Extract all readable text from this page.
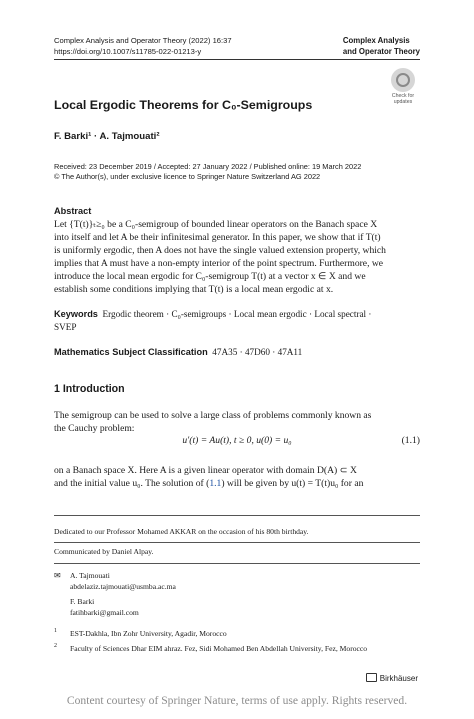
Complex Analysis and Operator Theory (2022) 16:37
https://doi.org/10.1007/s11785-022-01213-y
Complex Analysis
and Operator Theory
Check for
updates
Local Ergodic Theorems for C₀-Semigroups
F. Barki¹ · A. Tajmouati²
Received: 23 December 2019 / Accepted: 27 January 2022 / Published online: 19 March 2022
© The Author(s), under exclusive licence to Springer Nature Switzerland AG 2022
Abstract

Let {T(t)}ₜ≥₀ be a C₀-semigroup of bounded linear operators on the Banach space X

into itself and let A be their infinitesimal generator. In this paper, we show that if T(t)

is uniformly ergodic, then A does not have the single valued extension property, which

implies that A must have a non-empty interior of the point spectrum. Furthermore, we

introduce the local mean ergodic for C₀-semigroup T(t) at a vector x ∈ X and we

establish some conditions implying that T(t) is a local mean ergodic at x.

Keywords Ergodic theorem · C₀-semigroups · Local mean ergodic · Local spectral ·
SVEP
Mathematics Subject Classification 47A35 · 47D60 · 47A11
1 Introduction

The semigroup can be used to solve a large class of problems commonly known as

the Cauchy problem:

u′(t) = Au(t), t ≥ 0, u(0) = u₀	(1.1)

on a Banach space X. Here A is a given linear operator with domain D(A) ⊂ X

and the initial value u₀. The solution of (1.1) will be given by u(t) = T(t)u₀ for an

Dedicated to our Professor Mohamed AKKAR on the occasion of his 80th birthday.
Communicated by Daniel Alpay.
✉ A. Tajmouati
abdelaziz.tajmouati@usmba.ac.ma
F. Barki
fatihbarki@gmail.com
1 EST-Dakhla, Ibn Zohr University, Agadir, Morocco
2 Faculty of Sciences Dhar EIM ahraz. Fez, Sidi Mohamed Ben Abdellah University, Fez, Morocco
Birkhäuser
Content courtesy of Springer Nature, terms of use apply. Rights reserved.
